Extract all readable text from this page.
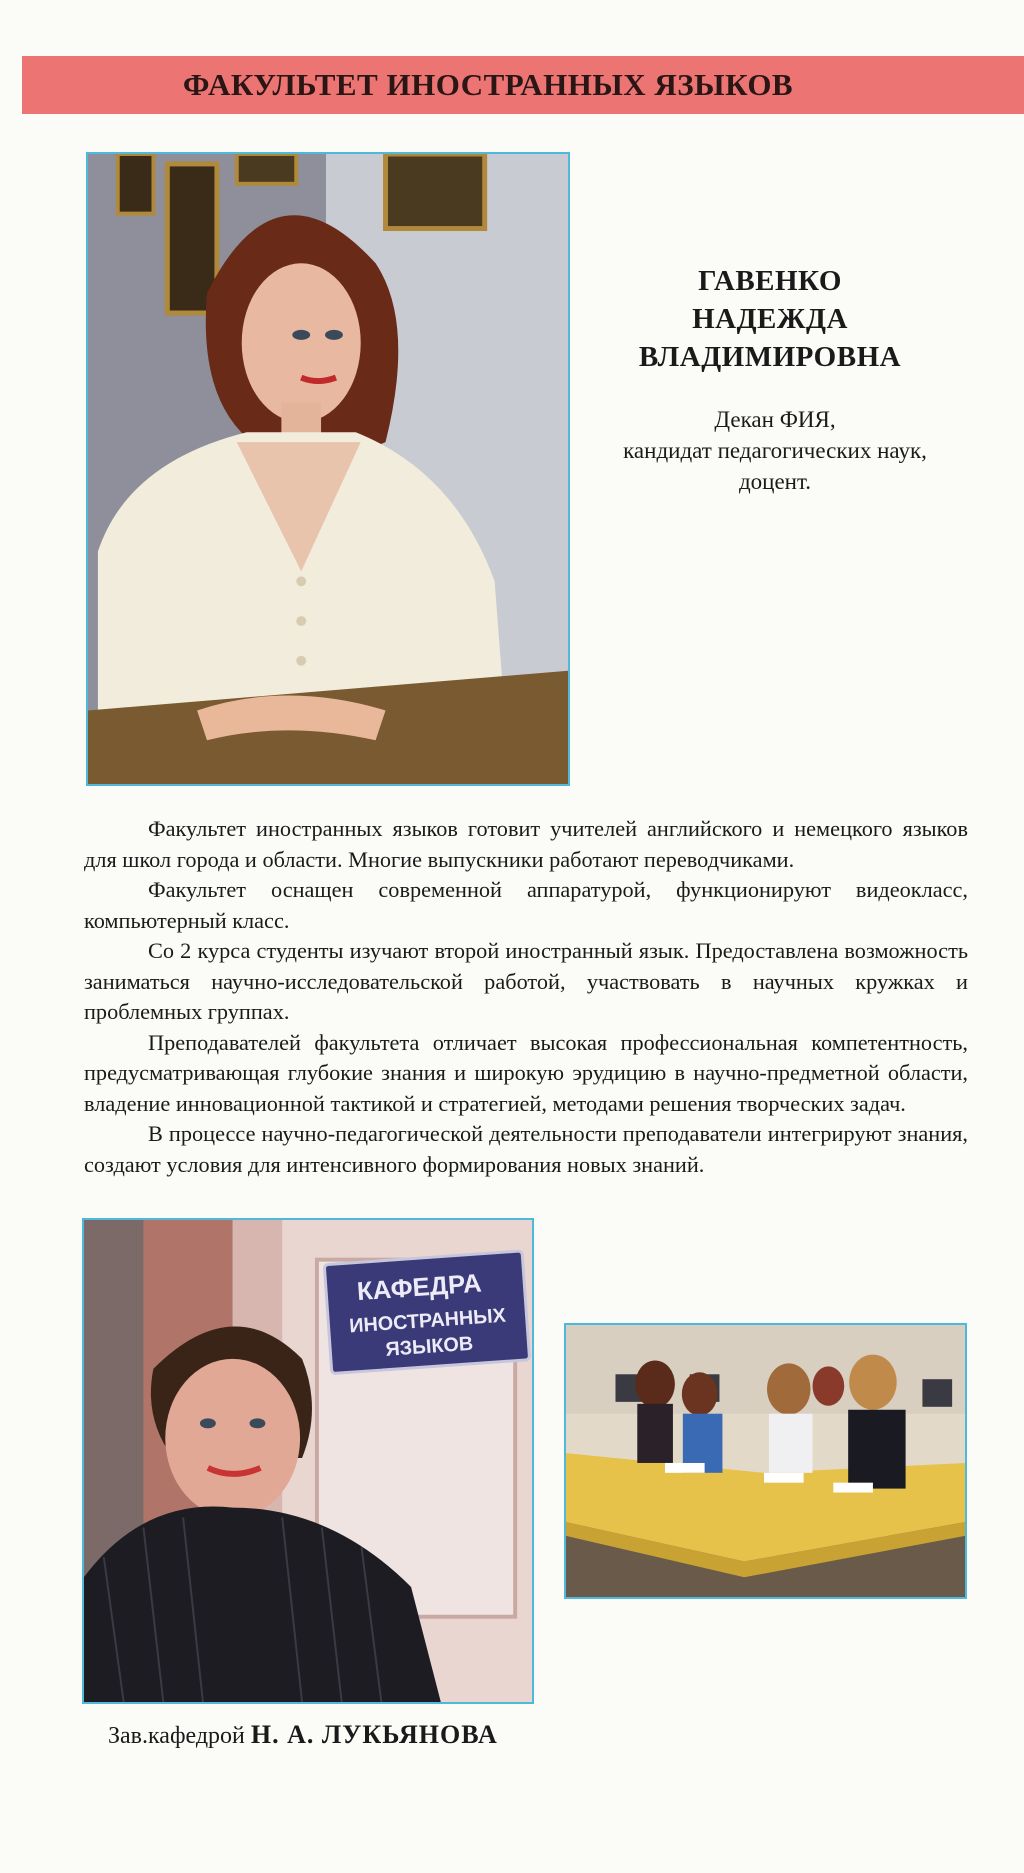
ФАКУЛЬТЕТ ИНОСТРАННЫХ ЯЗЫКОВ
ГАВЕНКО
НАДЕЖДА
ВЛАДИМИРОВНА
Декан ФИЯ,
кандидат педагогических наук,
доцент.

Факультет иностранных языков готовит учителей английского и немецкого языков для школ города и области. Многие выпускники работают переводчиками.

Факультет оснащен современной аппаратурой, функционируют видеокласс, компьютерный класс.

Со 2 курса студенты изучают второй иностранный язык. Предоставлена возможность заниматься научно-исследовательской работой, участвовать в научных кружках и проблемных группах.

Преподавателей факультета отличает высокая профессиональная компетентность, предусматривающая глубокие знания и широкую эрудицию в научно-предметной области, владение инновационной тактикой и стратегией, методами решения творческих задач.

В процессе научно-педагогической деятельности преподаватели интегрируют знания, создают условия для интенсивного формирования новых знаний.

КАФЕДРА
ИНОСТРАННЫХ
ЯЗЫКОВ
Зав.кафедрой Н. А. ЛУКЬЯНОВА
